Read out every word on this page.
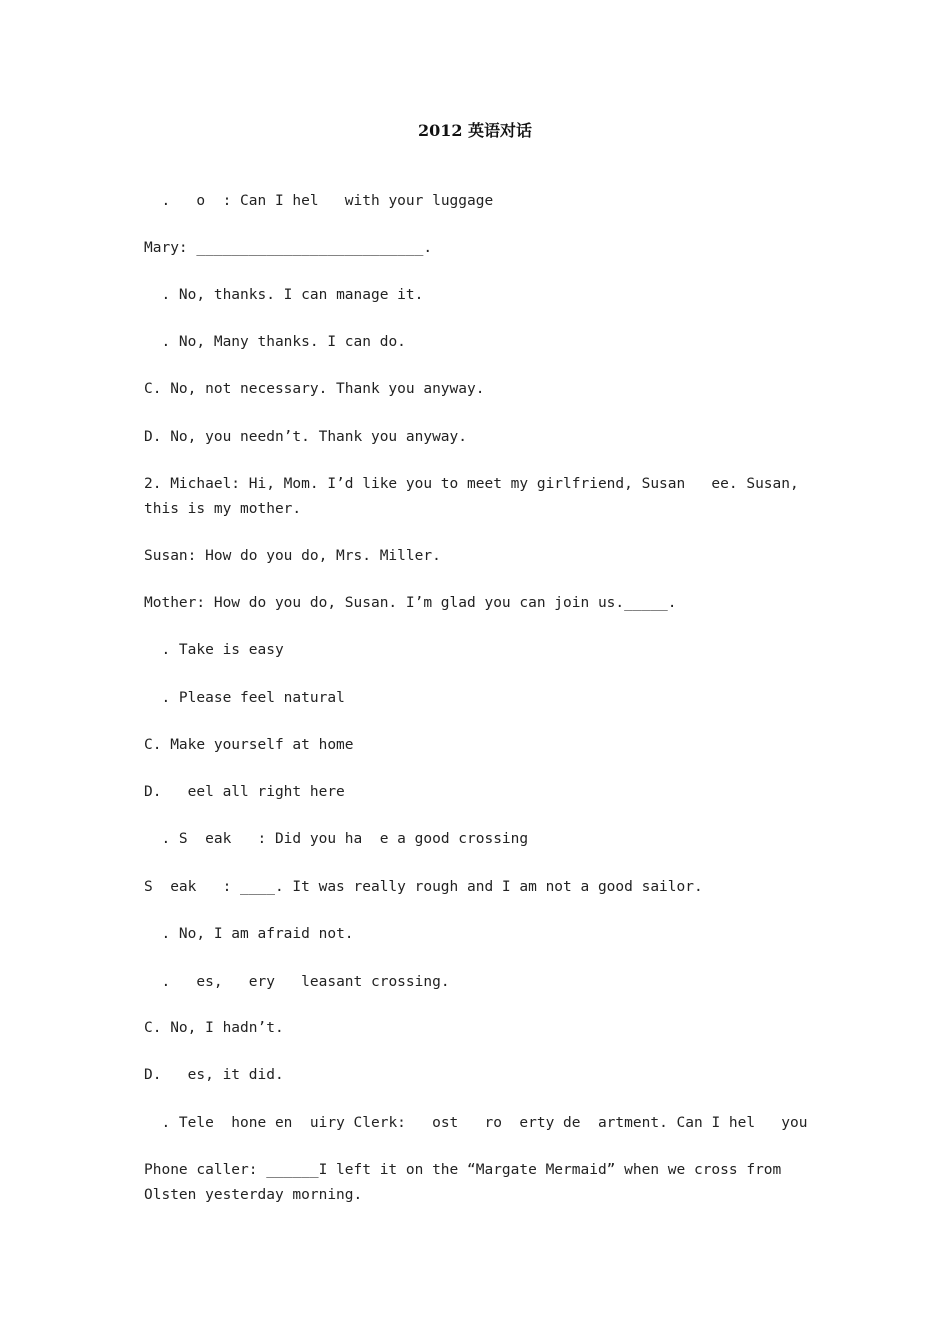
2012 英语对话
.   o  : Can I hel   with your luggage
Mary: __________________________.
. No, thanks. I can manage it.
. No, Many thanks. I can do.
C. No, not necessary. Thank you anyway.
D. No, you needn’t. Thank you anyway.
2. Michael: Hi, Mom. I’d like you to meet my girlfriend, Susan   ee. Susan, this is my mother.
Susan: How do you do, Mrs. Miller.
Mother: How do you do, Susan. I’m glad you can join us._____.
. Take is easy
. Please feel natural
C. Make yourself at home
D.   eel all right here
. S  eak   : Did you ha  e a good crossing
S  eak   : ____. It was really rough and I am not a good sailor.
. No, I am afraid not.
.   es,   ery   leasant crossing.
C. No, I hadn’t.
D.   es, it did.
. Tele  hone en  uiry Clerk:   ost   ro  erty de  artment. Can I hel   you
Phone caller: ______I left it on the “Margate Mermaid” when we cross from Olsten yesterday morning.
